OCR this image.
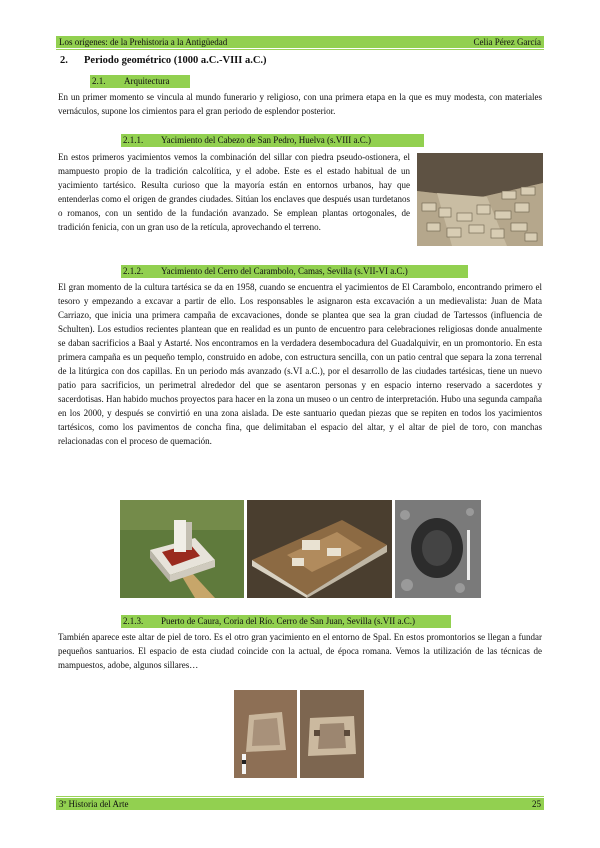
Los orígenes: de la Prehistoria a la Antigüedad	Celia Pérez García
2. Periodo geométrico (1000 a.C.-VIII a.C.)
2.1. Arquitectura
En un primer momento se vincula al mundo funerario y religioso, con una primera etapa en la que es muy modesta, con materiales vernáculos, supone los cimientos para el gran periodo de esplendor posterior.
2.1.1. Yacimiento del Cabezo de San Pedro, Huelva (s.VIII a.C.)
En estos primeros yacimientos vemos la combinación del sillar con piedra pseudo-ostionera, el mampuesto propio de la tradición calcolítica, y el adobe. Este es el estado habitual de un yacimiento tartésico. Resulta curioso que la mayoría están en entornos urbanos, hay que entenderlas como el origen de grandes ciudades. Sitúan los enclaves que después usan turdetanos o romanos, con un sentido de la fundación avanzado. Se emplean plantas ortogonales, de tradición fenicia, con un gran uso de la retícula, aprovechando el terreno.
2.1.2. Yacimiento del Cerro del Carambolo, Camas, Sevilla (s.VII-VI a.C.)
El gran momento de la cultura tartésica se da en 1958, cuando se encuentra el yacimientos de El Carambolo, encontrando primero el tesoro y empezando a excavar a partir de ello. Los responsables le asignaron esta excavación a un medievalista: Juan de Mata Carriazo, que inicia una primera campaña de excavaciones, donde se plantea que sea la gran ciudad de Tartessos (influencia de Schulten). Los estudios recientes plantean que en realidad es un punto de encuentro para celebraciones religiosas donde anualmente se daban sacrificios a Baal y Astarté. Nos encontramos en la verdadera desembocadura del Guadalquivir, en un promontorio. En esta primera campaña es un pequeño templo, construido en adobe, con estructura sencilla, con un patio central que separa la zona terrenal de la litúrgica con dos capillas. En un periodo más avanzado (s.VI a.C.), por el desarrollo de las ciudades tartésicas, tiene un nuevo patio para sacrificios, un perimetral alrededor del que se asentaron personas y en espacio interno reservado a sacerdotes y sacerdotisas. Han habido muchos proyectos para hacer en la zona un museo o un centro de interpretación. Hubo una segunda campaña en los 2000, y después se convirtió en una zona aislada. De este santuario quedan piezas que se repiten en todos los yacimientos tartésicos, como los pavimentos de concha fina, que delimitaban el espacio del altar, y el altar de piel de toro, con manchas relacionadas con el proceso de quemación.
2.1.3. Puerto de Caura, Coria del Río. Cerro de San Juan, Sevilla (s.VII a.C.)
También aparece este altar de piel de toro. Es el otro gran yacimiento en el entorno de Spal. En estos promontorios se llegan a fundar pequeños santuarios. El espacio de esta ciudad coincide con la actual, de época romana. Vemos la utilización de las técnicas de mampuestos, adobe, algunos sillares…
3º Historia del Arte	25
